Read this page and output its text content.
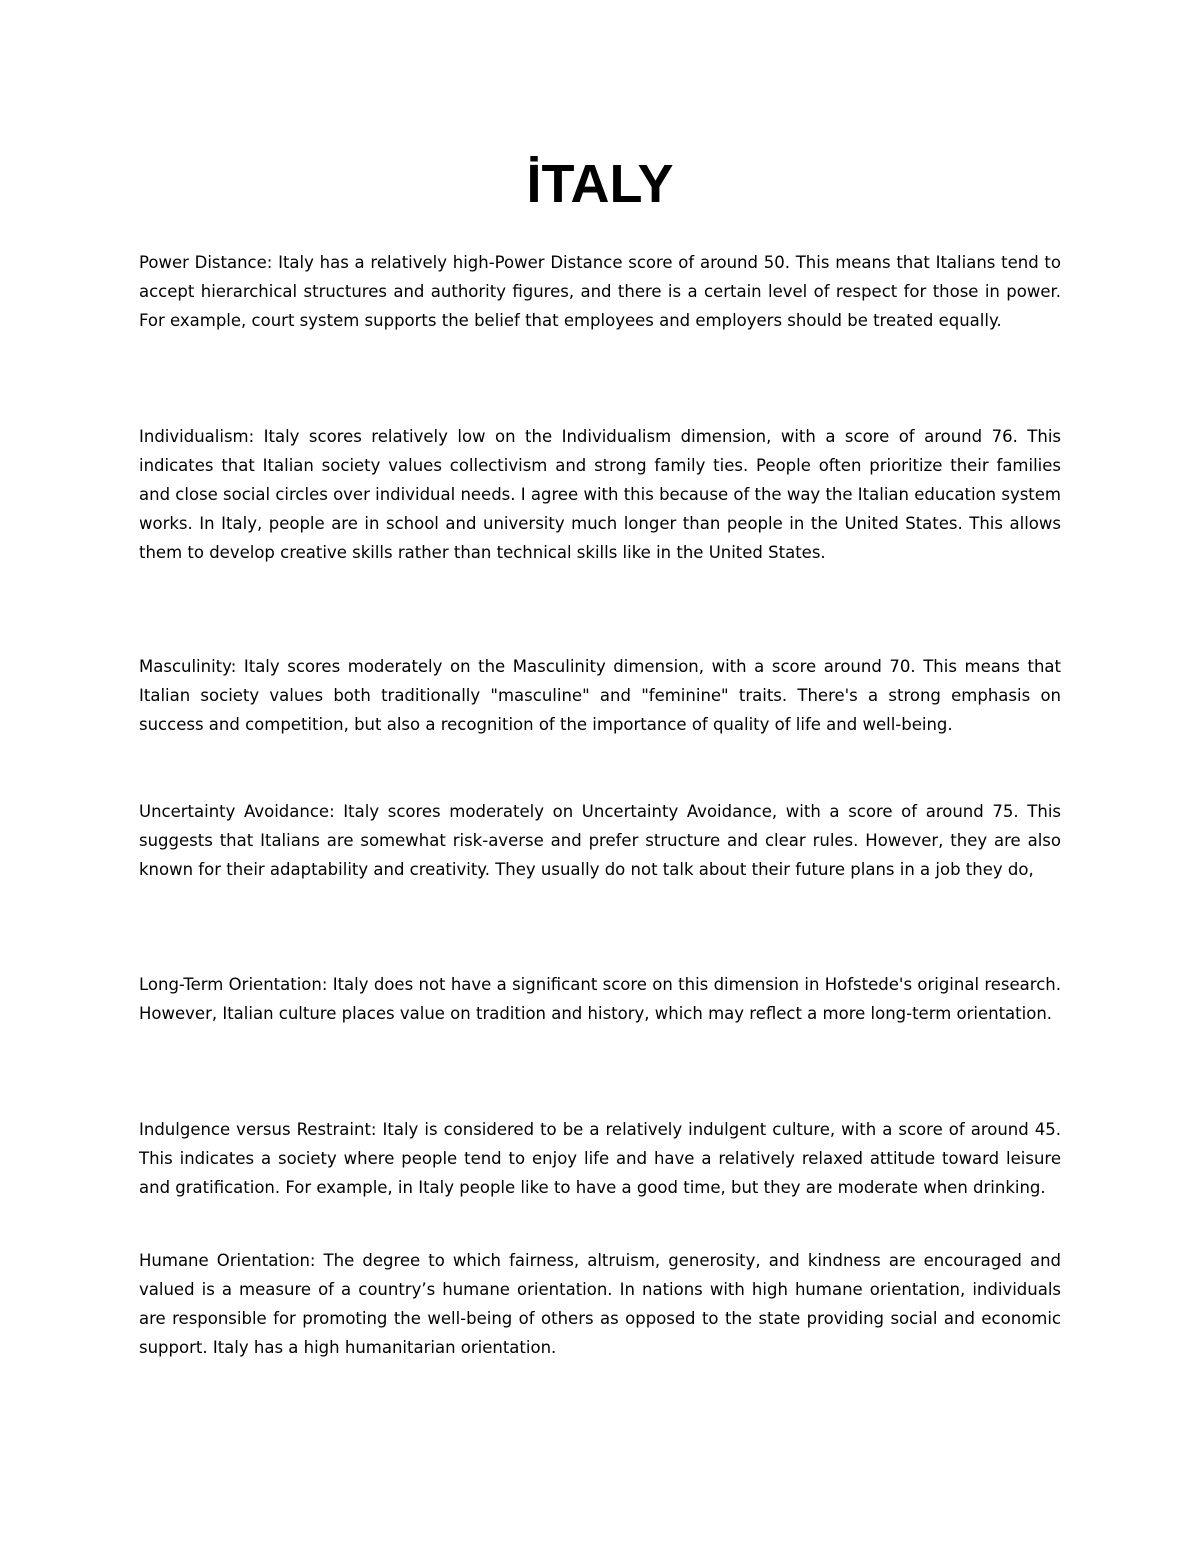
İTALY

Power Distance: Italy has a relatively high-Power Distance score of around 50. This means that Italians tend to accept hierarchical structures and authority figures, and there is a certain level of respect for those in power. For example, court system supports the belief that employees and employers should be treated equally.

Individualism: Italy scores relatively low on the Individualism dimension, with a score of around 76. This indicates that Italian society values collectivism and strong family ties. People often prioritize their families and close social circles over individual needs. I agree with this because of the way the Italian education system works. In Italy, people are in school and university much longer than people in the United States. This allows them to develop creative skills rather than technical skills like in the United States.

Masculinity: Italy scores moderately on the Masculinity dimension, with a score around 70. This means that Italian society values both traditionally "masculine" and "feminine" traits. There's a strong emphasis on success and competition, but also a recognition of the importance of quality of life and well-being.

Uncertainty Avoidance: Italy scores moderately on Uncertainty Avoidance, with a score of around 75. This suggests that Italians are somewhat risk-averse and prefer structure and clear rules. However, they are also known for their adaptability and creativity. They usually do not talk about their future plans in a job they do,

Long-Term Orientation: Italy does not have a significant score on this dimension in Hofstede's original research. However, Italian culture places value on tradition and history, which may reflect a more long-term orientation.

Indulgence versus Restraint: Italy is considered to be a relatively indulgent culture, with a score of around 45. This indicates a society where people tend to enjoy life and have a relatively relaxed attitude toward leisure and gratification. For example, in Italy people like to have a good time, but they are moderate when drinking.

Humane Orientation: The degree to which fairness, altruism, generosity, and kindness are encouraged and valued is a measure of a country’s humane orientation. In nations with high humane orientation, individuals are responsible for promoting the well-being of others as opposed to the state providing social and economic support. Italy has a high humanitarian orientation.
